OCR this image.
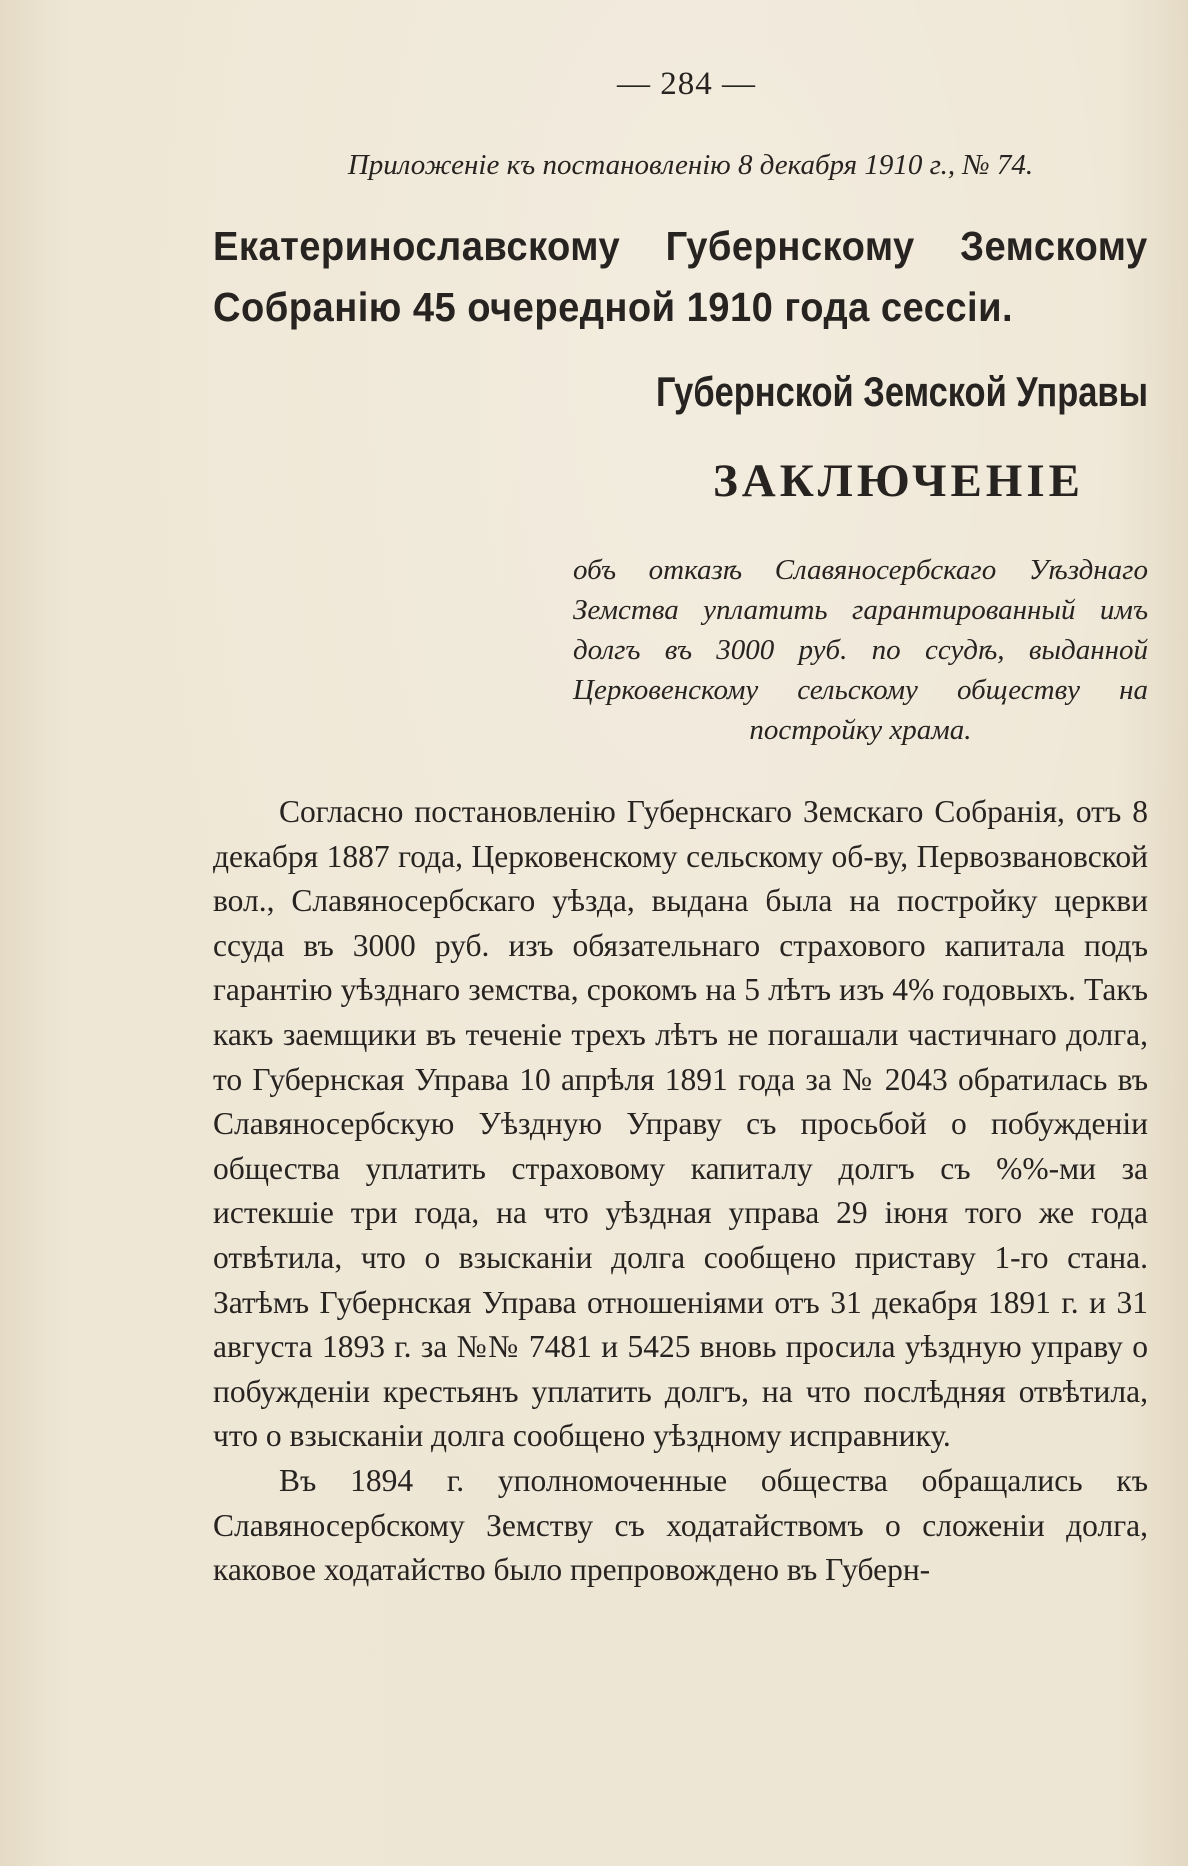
— 284 —
Приложеніе къ постановленію 8 декабря 1910 г., № 74.
Екатеринославскому Губернскому Земскому Собранію 45 очередной 1910 года сессіи.
Губернской Земской Управы
ЗАКЛЮЧЕНІЕ
объ отказѣ Славяносербскаго Уѣзднаго Земства уплатить гарантированный имъ долгъ въ 3000 руб. по ссудѣ, выданной Церковенскому сельскому обществу на постройку храма.

Согласно постановленію Губернскаго Земскаго Собранія, отъ 8 декабря 1887 года, Церковенскому сельскому об-ву, Первозвановской вол., Славяносербскаго уѣзда, выдана была на постройку церкви ссуда въ 3000 руб. изъ обязательнаго страхового капитала подъ гарантію уѣзднаго земства, срокомъ на 5 лѣтъ изъ 4% годовыхъ. Такъ какъ заемщики въ теченіе трехъ лѣтъ не погашали частичнаго долга, то Губернская Управа 10 апрѣля 1891 года за № 2043 обратилась въ Славяносербскую Уѣздную Управу съ просьбой о побужденіи общества уплатить страховому капиталу долгъ съ %%-ми за истекшіе три года, на что уѣздная управа 29 іюня того же года отвѣтила, что о взысканіи долга сообщено приставу 1-го стана. Затѣмъ Губернская Управа отношеніями отъ 31 декабря 1891 г. и 31 августа 1893 г. за №№ 7481 и 5425 вновь просила уѣздную управу о побужденіи крестьянъ уплатить долгъ, на что послѣдняя отвѣтила, что о взысканіи долга сообщено уѣздному исправнику.

Въ 1894 г. уполномоченные общества обращались къ Славяносербскому Земству съ ходатайствомъ о сложеніи долга, каковое ходатайство было препровождено въ Губерн-
